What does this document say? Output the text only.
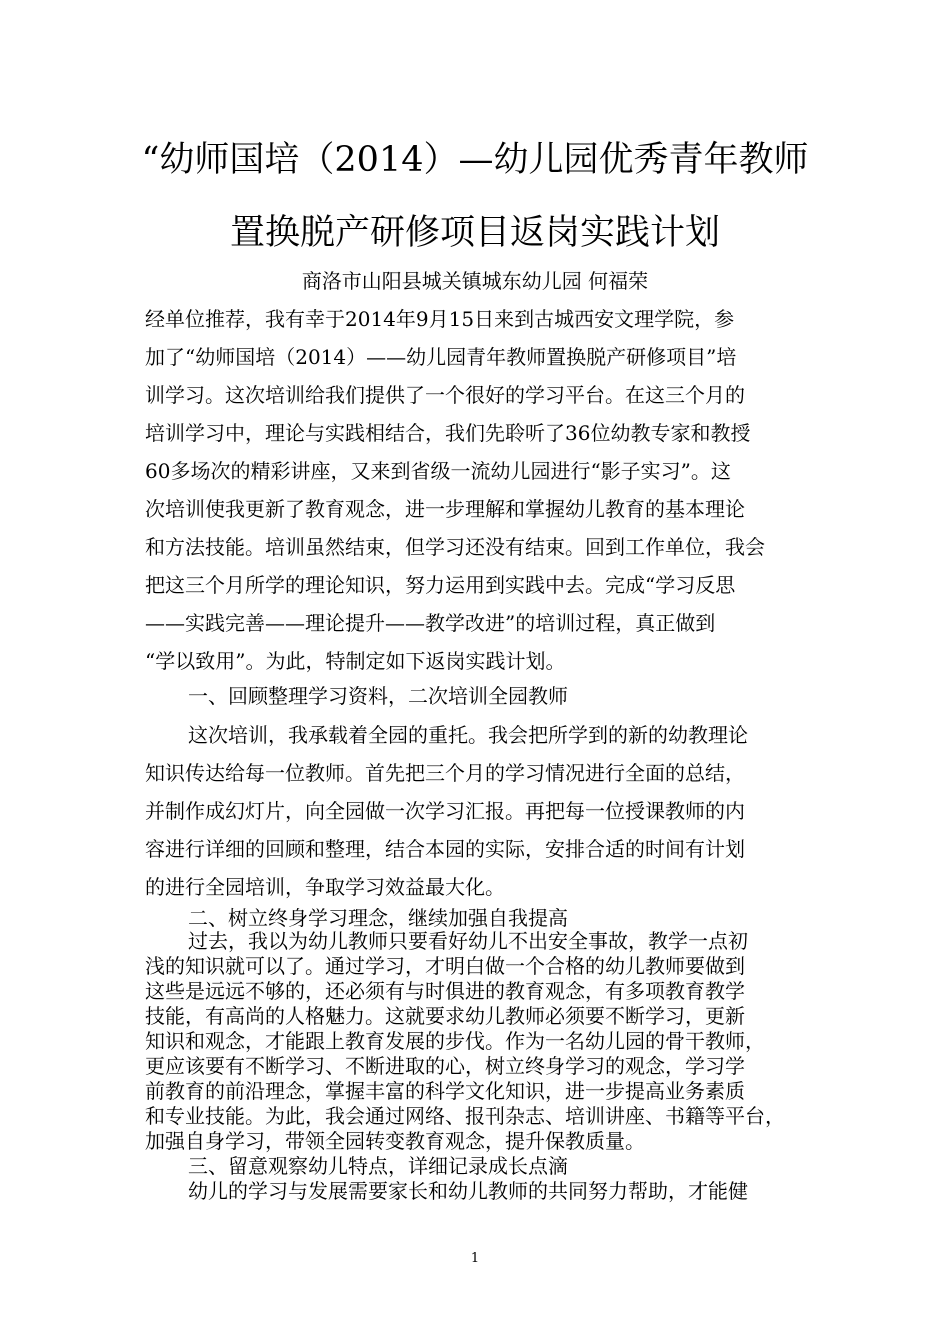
“幼师国培（2014）—幼儿园优秀青年教师
置换脱产研修项目返岗实践计划
商洛市山阳县城关镇城东幼儿园 何福荣

经单位推荐，我有幸于2014年9月15日来到古城西安文理学院，参

加了“幼师国培（2014）——幼儿园青年教师置换脱产研修项目”培

训学习。这次培训给我们提供了一个很好的学习平台。在这三个月的

培训学习中，理论与实践相结合，我们先聆听了36位幼教专家和教授

60多场次的精彩讲座，又来到省级一流幼儿园进行“影子实习”。这

次培训使我更新了教育观念，进一步理解和掌握幼儿教育的基本理论

和方法技能。培训虽然结束，但学习还没有结束。回到工作单位，我会

把这三个月所学的理论知识，努力运用到实践中去。完成“学习反思

——实践完善——理论提升——教学改进”的培训过程，真正做到

“学以致用”。为此，特制定如下返岗实践计划。

一、回顾整理学习资料，二次培训全园教师

这次培训，我承载着全园的重托。我会把所学到的新的幼教理论

知识传达给每一位教师。首先把三个月的学习情况进行全面的总结，

并制作成幻灯片，向全园做一次学习汇报。再把每一位授课教师的内

容进行详细的回顾和整理，结合本园的实际，安排合适的时间有计划

的进行全园培训，争取学习效益最大化。

二、树立终身学习理念，继续加强自我提高

过去，我以为幼儿教师只要看好幼儿不出安全事故，教学一点初

浅的知识就可以了。通过学习，才明白做一个合格的幼儿教师要做到

这些是远远不够的，还必须有与时俱进的教育观念，有多项教育教学

技能，有高尚的人格魅力。这就要求幼儿教师必须要不断学习，更新

知识和观念，才能跟上教育发展的步伐。作为一名幼儿园的骨干教师，

更应该要有不断学习、不断进取的心，树立终身学习的观念，学习学

前教育的前沿理念，掌握丰富的科学文化知识，进一步提高业务素质

和专业技能。为此，我会通过网络、报刊杂志、培训讲座、书籍等平台，

加强自身学习，带领全园转变教育观念，提升保教质量。

三、留意观察幼儿特点，详细记录成长点滴

幼儿的学习与发展需要家长和幼儿教师的共同努力帮助，才能健

1
